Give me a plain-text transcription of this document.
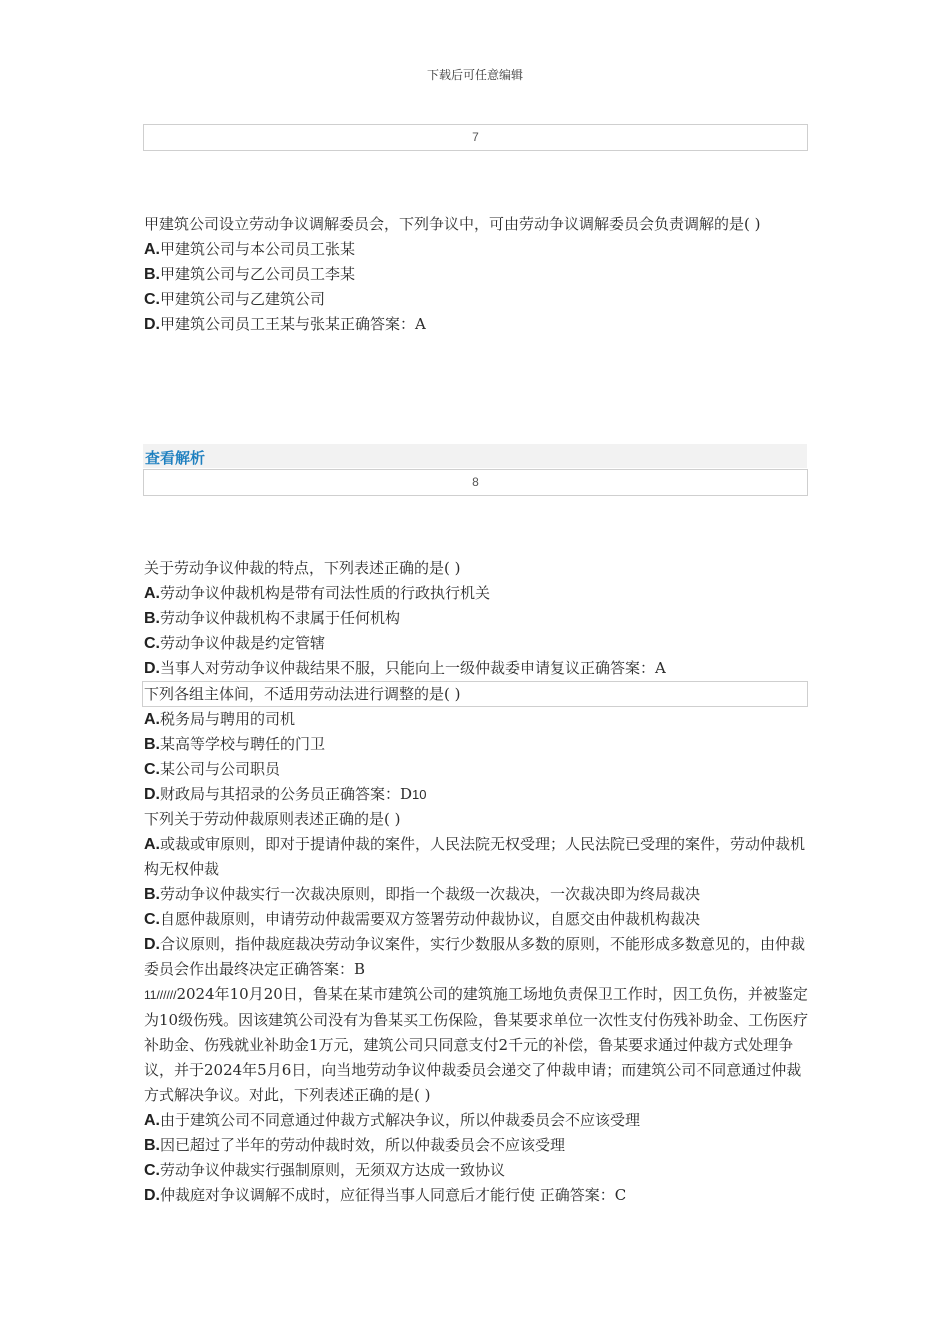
下载后可任意编辑
7
甲建筑公司设立劳动争议调解委员会，下列争议中，可由劳动争议调解委员会负责调解的是( )
A.甲建筑公司与本公司员工张某
B.甲建筑公司与乙公司员工李某
C.甲建筑公司与乙建筑公司
D.甲建筑公司员工王某与张某正确答案：A
查看解析
8
关于劳动争议仲裁的特点，下列表述正确的是( )
A.劳动争议仲裁机构是带有司法性质的行政执行机关
B.劳动争议仲裁机构不隶属于任何机构
C.劳动争议仲裁是约定管辖
D.当事人对劳动争议仲裁结果不服，只能向上一级仲裁委申请复议正确答案：A
下列各组主体间，不适用劳动法进行调整的是( )
A.税务局与聘用的司机
B.某高等学校与聘任的门卫
C.某公司与公司职员
D.财政局与其招录的公务员正确答案：D10
下列关于劳动仲裁原则表述正确的是( )
A.或裁或审原则，即对于提请仲裁的案件，人民法院无权受理；人民法院已受理的案件，劳动仲裁机构无权仲裁
B.劳动争议仲裁实行一次裁决原则，即指一个裁级一次裁决，一次裁决即为终局裁决
C.自愿仲裁原则，申请劳动仲裁需要双方签署劳动仲裁协议，自愿交由仲裁机构裁决
D.合议原则，指仲裁庭裁决劳动争议案件，实行少数服从多数的原则，不能形成多数意见的，由仲裁委员会作出最终决定正确答案：B
11//////2024年10月20日，鲁某在某市建筑公司的建筑施工场地负责保卫工作时，因工负伤，并被鉴定为10级伤残。因该建筑公司没有为鲁某买工伤保险，鲁某要求单位一次性支付伤残补助金、工伤医疗补助金、伤残就业补助金1万元，建筑公司只同意支付2千元的补偿，鲁某要求通过仲裁方式处理争议，并于2024年5月6日，向当地劳动争议仲裁委员会递交了仲裁申请；而建筑公司不同意通过仲裁方式解决争议。对此，下列表述正确的是( )
A.由于建筑公司不同意通过仲裁方式解决争议，所以仲裁委员会不应该受理
B.因已超过了半年的劳动仲裁时效，所以仲裁委员会不应该受理
C.劳动争议仲裁实行强制原则，无须双方达成一致协议
D.仲裁庭对争议调解不成时，应征得当事人同意后才能行使 正确答案：C
